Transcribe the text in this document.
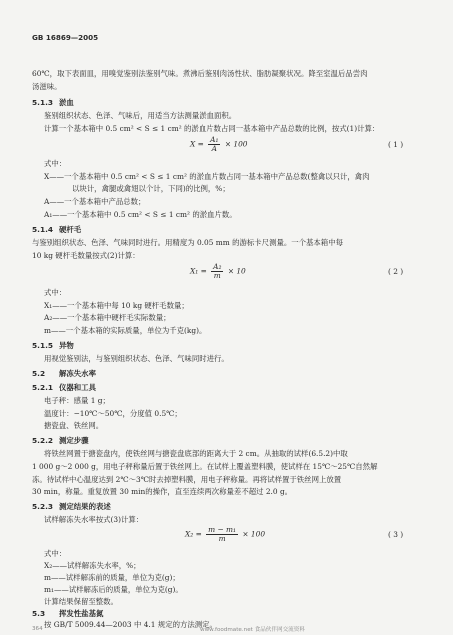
GB 16869—2005
60℃，取下表面皿，用嗅觉鉴别法鉴别气味。煮沸后鉴别肉汤性状、脂肪凝聚状况。降至室温后品尝肉
汤滋味。
5.1.3 淤血
鉴别组织状态、色泽、气味后，用适当方法测量淤血面积。
计算一个基本箱中 0.5 cm² < S ≤ 1 cm² 的淤血片数占同一基本箱中产品总数的比例，按式(1)计算：
$X = \frac{\text{A₁}}{A} \times 100$	( 1 )
式中：
X——一个基本箱中 0.5 cm² < S ≤ 1 cm² 的淤血片数占同一基本箱中产品总数(整禽以只计，禽肉
以块计，禽腿或禽翅以个计，下同)的比例，%；
A——一个基本箱中产品总数；
A₁——一个基本箱中 0.5 cm² < S ≤ 1 cm² 的淤血片数。
5.1.4 硬杆毛
与鉴别组织状态、色泽、气味同时进行。用精度为 0.05 mm 的游标卡尺测量。一个基本箱中每
10 kg 硬杆毛数量按式(2)计算：
$X_1 = \frac{\text{A₂}}{m} \times 10$	( 2 )
式中：
X₁——一个基本箱中每 10 kg 硬杆毛数量；
A₂——一个基本箱中硬杆毛实际数量；
m——一个基本箱的实际质量，单位为千克(kg)。
5.1.5 异物
用视觉鉴别法，与鉴别组织状态、色泽、气味同时进行。
5.2 解冻失水率
5.2.1 仪器和工具
电子秤：感量 1 g；
温度计：−10℃～50℃，分度值 0.5℃；
搪瓷盘、铁丝网。
5.2.2 测定步骤
将铁丝网置于搪瓷盘内，使铁丝网与搪瓷盘底部的距离大于 2 cm。从抽取的试样(6.5.2)中取
1 000 g～2 000 g，用电子秤称量后置于铁丝网上。在试样上覆盖塑料膜，使试样在 15℃～25℃自然解
冻。待试样中心温度达到 2℃～3℃时去掉塑料膜，用电子秤称量。再将试样置于铁丝网上放置
30 min，称量。重复放置 30 min的操作，直至连续两次称量差不超过 2.0 g。
5.2.3 测定结果的表述
试样解冻失水率按式(3)计算：
$X_2 = \frac{\text{m − m₁}}{m} \times 100$	( 3 )
式中：
X₂——试样解冻失水率，%；
m——试样解冻前的质量，单位为克(g)；
m₁——试样解冻后的质量，单位为克(g)。
计算结果保留至整数。
5.3 挥发性盐基氮
按 GB/T 5009.44—2003 中 4.1 规定的方法测定。
364	www.foodmate.net 食品伙伴网交流资料
